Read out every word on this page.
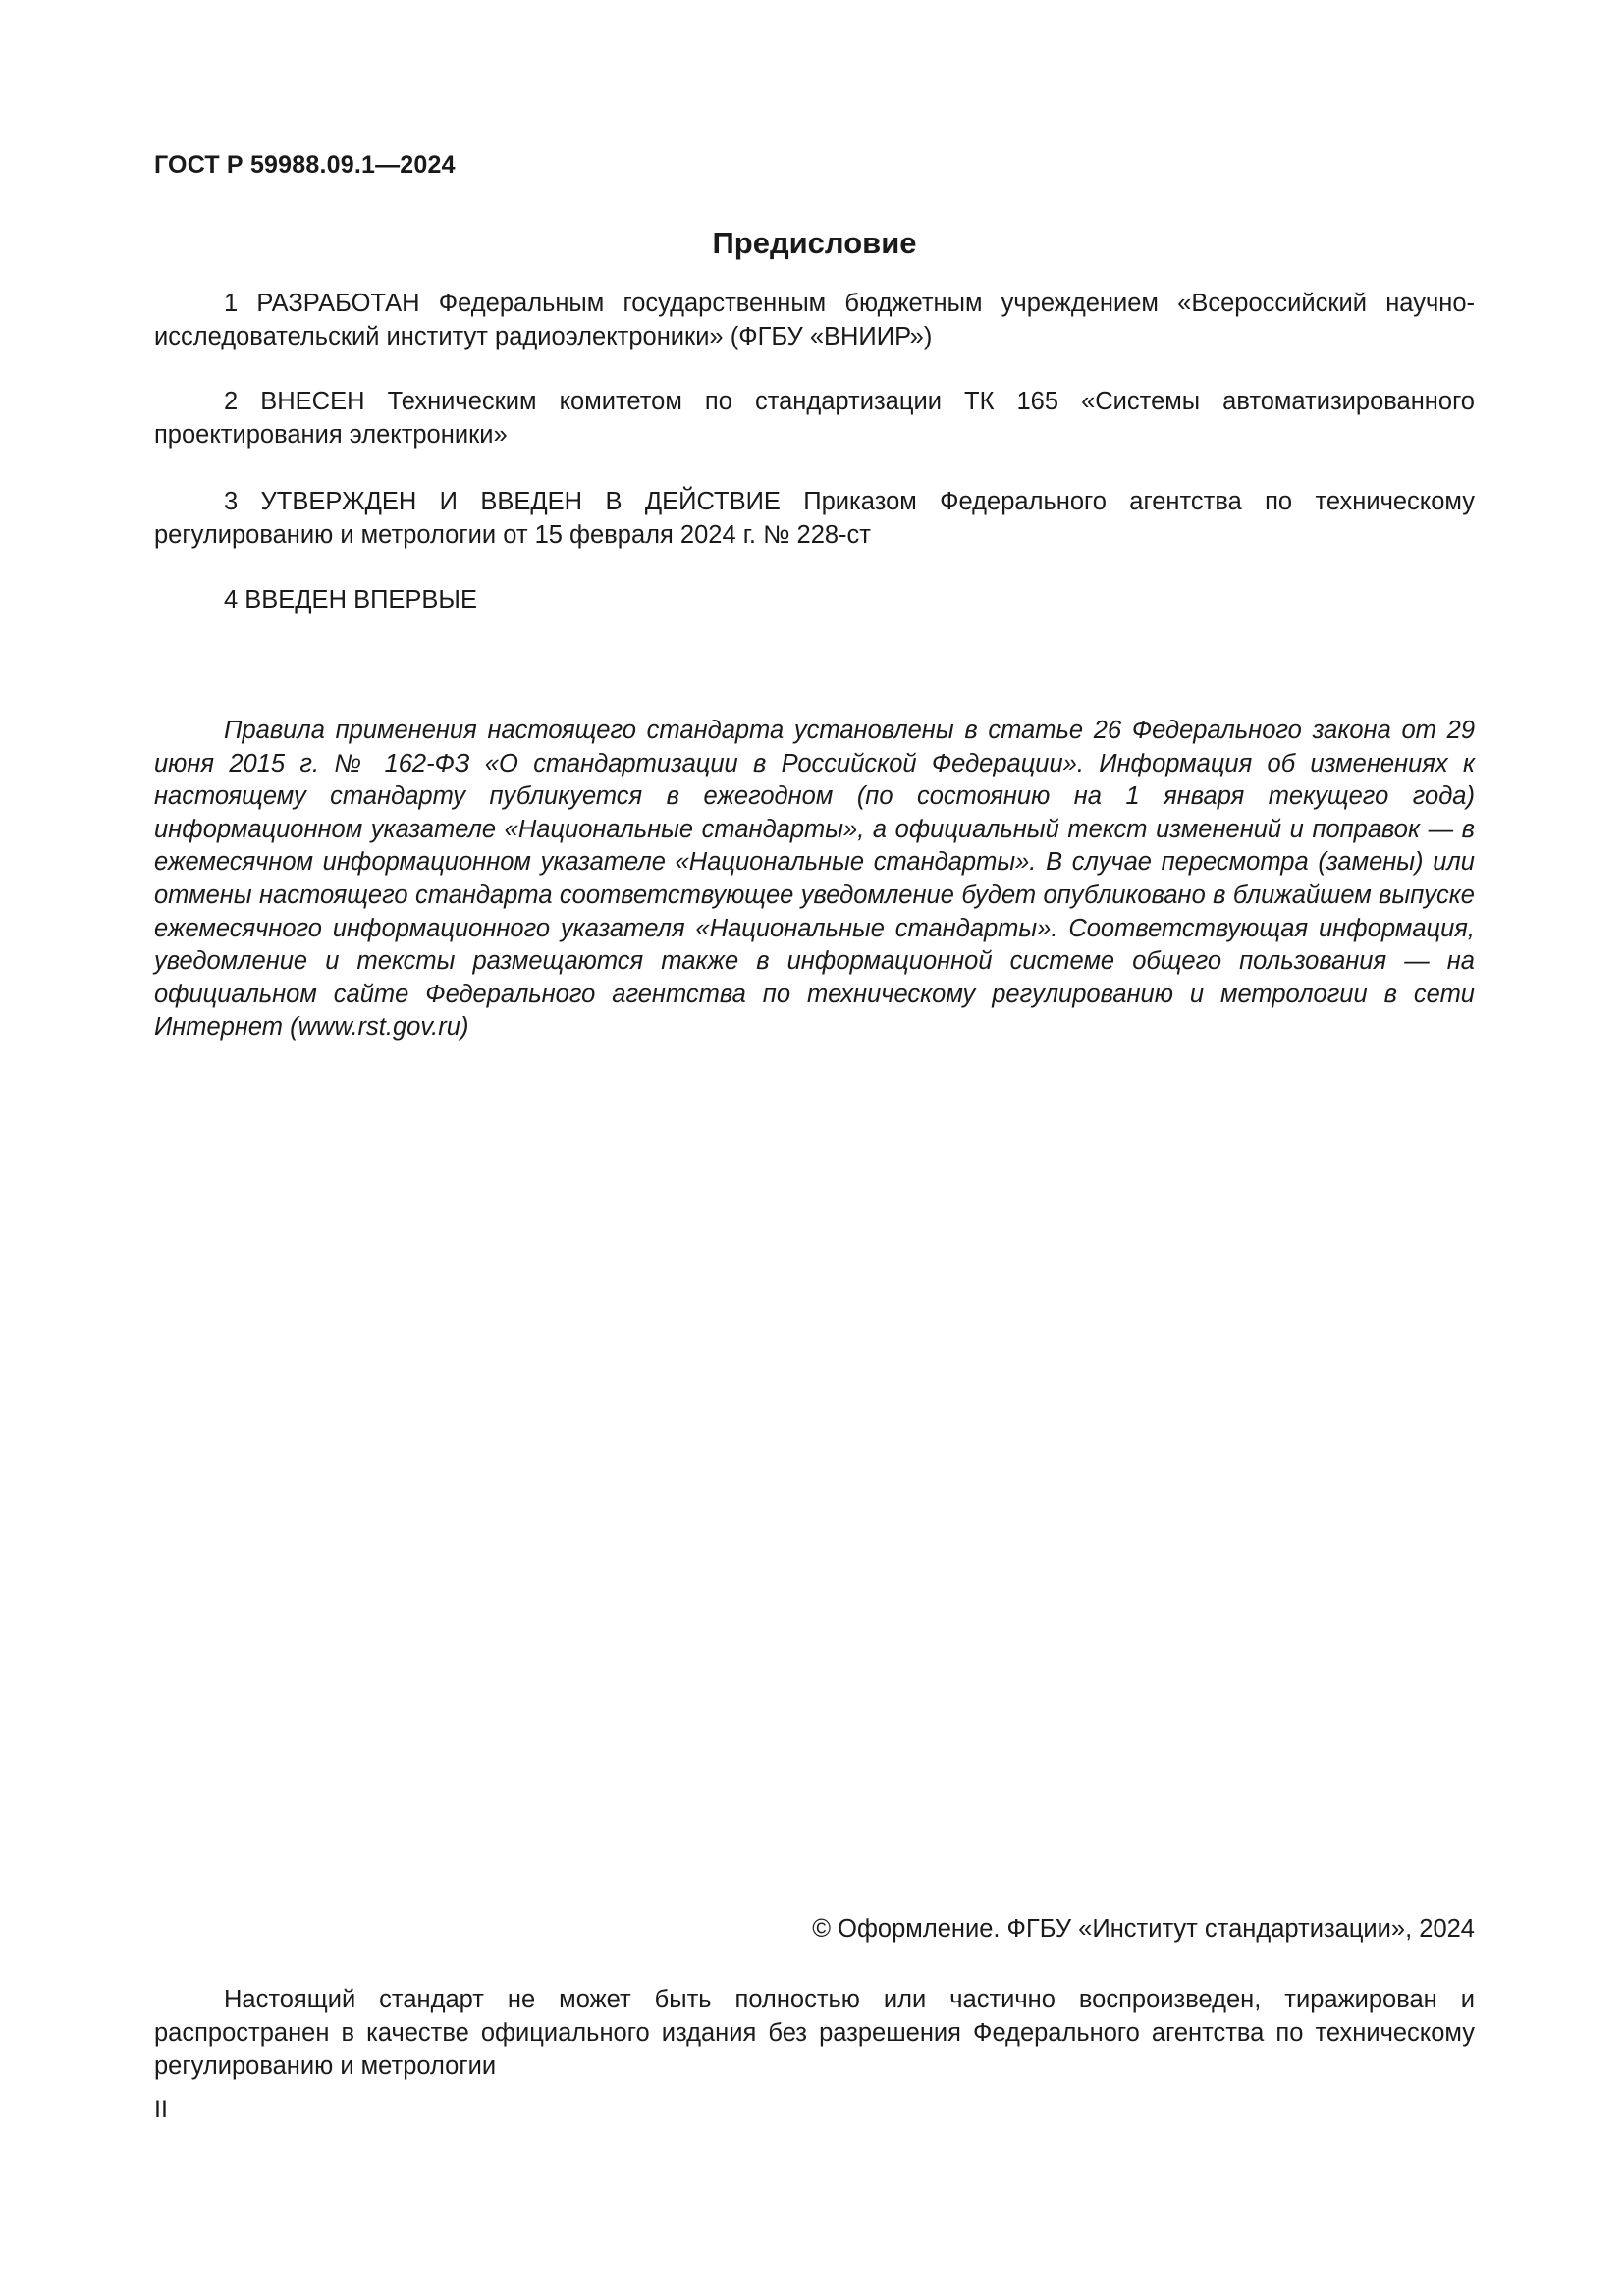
ГОСТ Р 59988.09.1—2024
Предисловие
1 РАЗРАБОТАН Федеральным государственным бюджетным учреждением «Всероссийский научно-исследовательский институт радиоэлектроники» (ФГБУ «ВНИИР»)
2 ВНЕСЕН Техническим комитетом по стандартизации ТК 165 «Системы автоматизированного проектирования электроники»
3 УТВЕРЖДЕН И ВВЕДЕН В ДЕЙСТВИЕ Приказом Федерального агентства по техническому регулированию и метрологии от 15 февраля 2024 г. № 228-ст
4 ВВЕДЕН ВПЕРВЫЕ
Правила применения настоящего стандарта установлены в статье 26 Федерального закона от 29 июня 2015 г. № 162-ФЗ «О стандартизации в Российской Федерации». Информация об изменениях к настоящему стандарту публикуется в ежегодном (по состоянию на 1 января текущего года) информационном указателе «Национальные стандарты», а официальный текст изменений и поправок — в ежемесячном информационном указателе «Национальные стандарты». В случае пересмотра (замены) или отмены настоящего стандарта соответствующее уведомление будет опубликовано в ближайшем выпуске ежемесячного информационного указателя «Национальные стандарты». Соответствующая информация, уведомление и тексты размещаются также в информационной системе общего пользования — на официальном сайте Федерального агентства по техническому регулированию и метрологии в сети Интернет (www.rst.gov.ru)
© Оформление. ФГБУ «Институт стандартизации», 2024
Настоящий стандарт не может быть полностью или частично воспроизведен, тиражирован и распространен в качестве официального издания без разрешения Федерального агентства по техническому регулированию и метрологии
II
